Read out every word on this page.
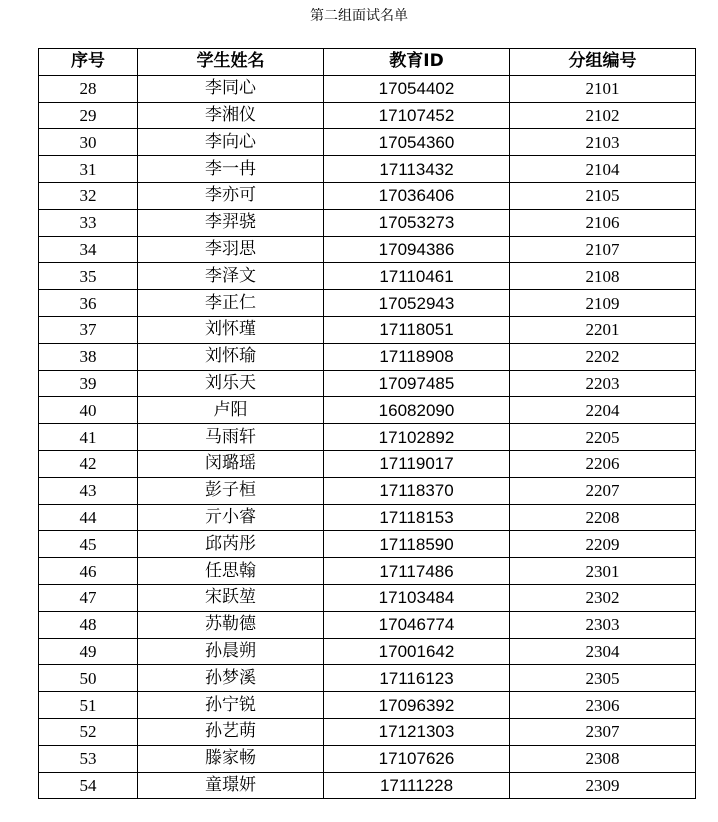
第二组面试名单
序号	学生姓名	教育ID	分组编号
28	李同心	17054402	2101
29	李湘仪	17107452	2102
30	李向心	17054360	2103
31	李一冉	17113432	2104
32	李亦可	17036406	2105
33	李羿骁	17053273	2106
34	李羽思	17094386	2107
35	李泽文	17110461	2108
36	李正仁	17052943	2109
37	刘怀瑾	17118051	2201
38	刘怀瑜	17118908	2202
39	刘乐天	17097485	2203
40	卢阳	16082090	2204
41	马雨轩	17102892	2205
42	闵璐瑶	17119017	2206
43	彭子桓	17118370	2207
44	亓小睿	17118153	2208
45	邱芮彤	17118590	2209
46	任思翰	17117486	2301
47	宋跃堃	17103484	2302
48	苏勒德	17046774	2303
49	孙晨朔	17001642	2304
50	孙梦溪	17116123	2305
51	孙宁锐	17096392	2306
52	孙艺萌	17121303	2307
53	滕家畅	17107626	2308
54	童璟妍	17111228	2309
